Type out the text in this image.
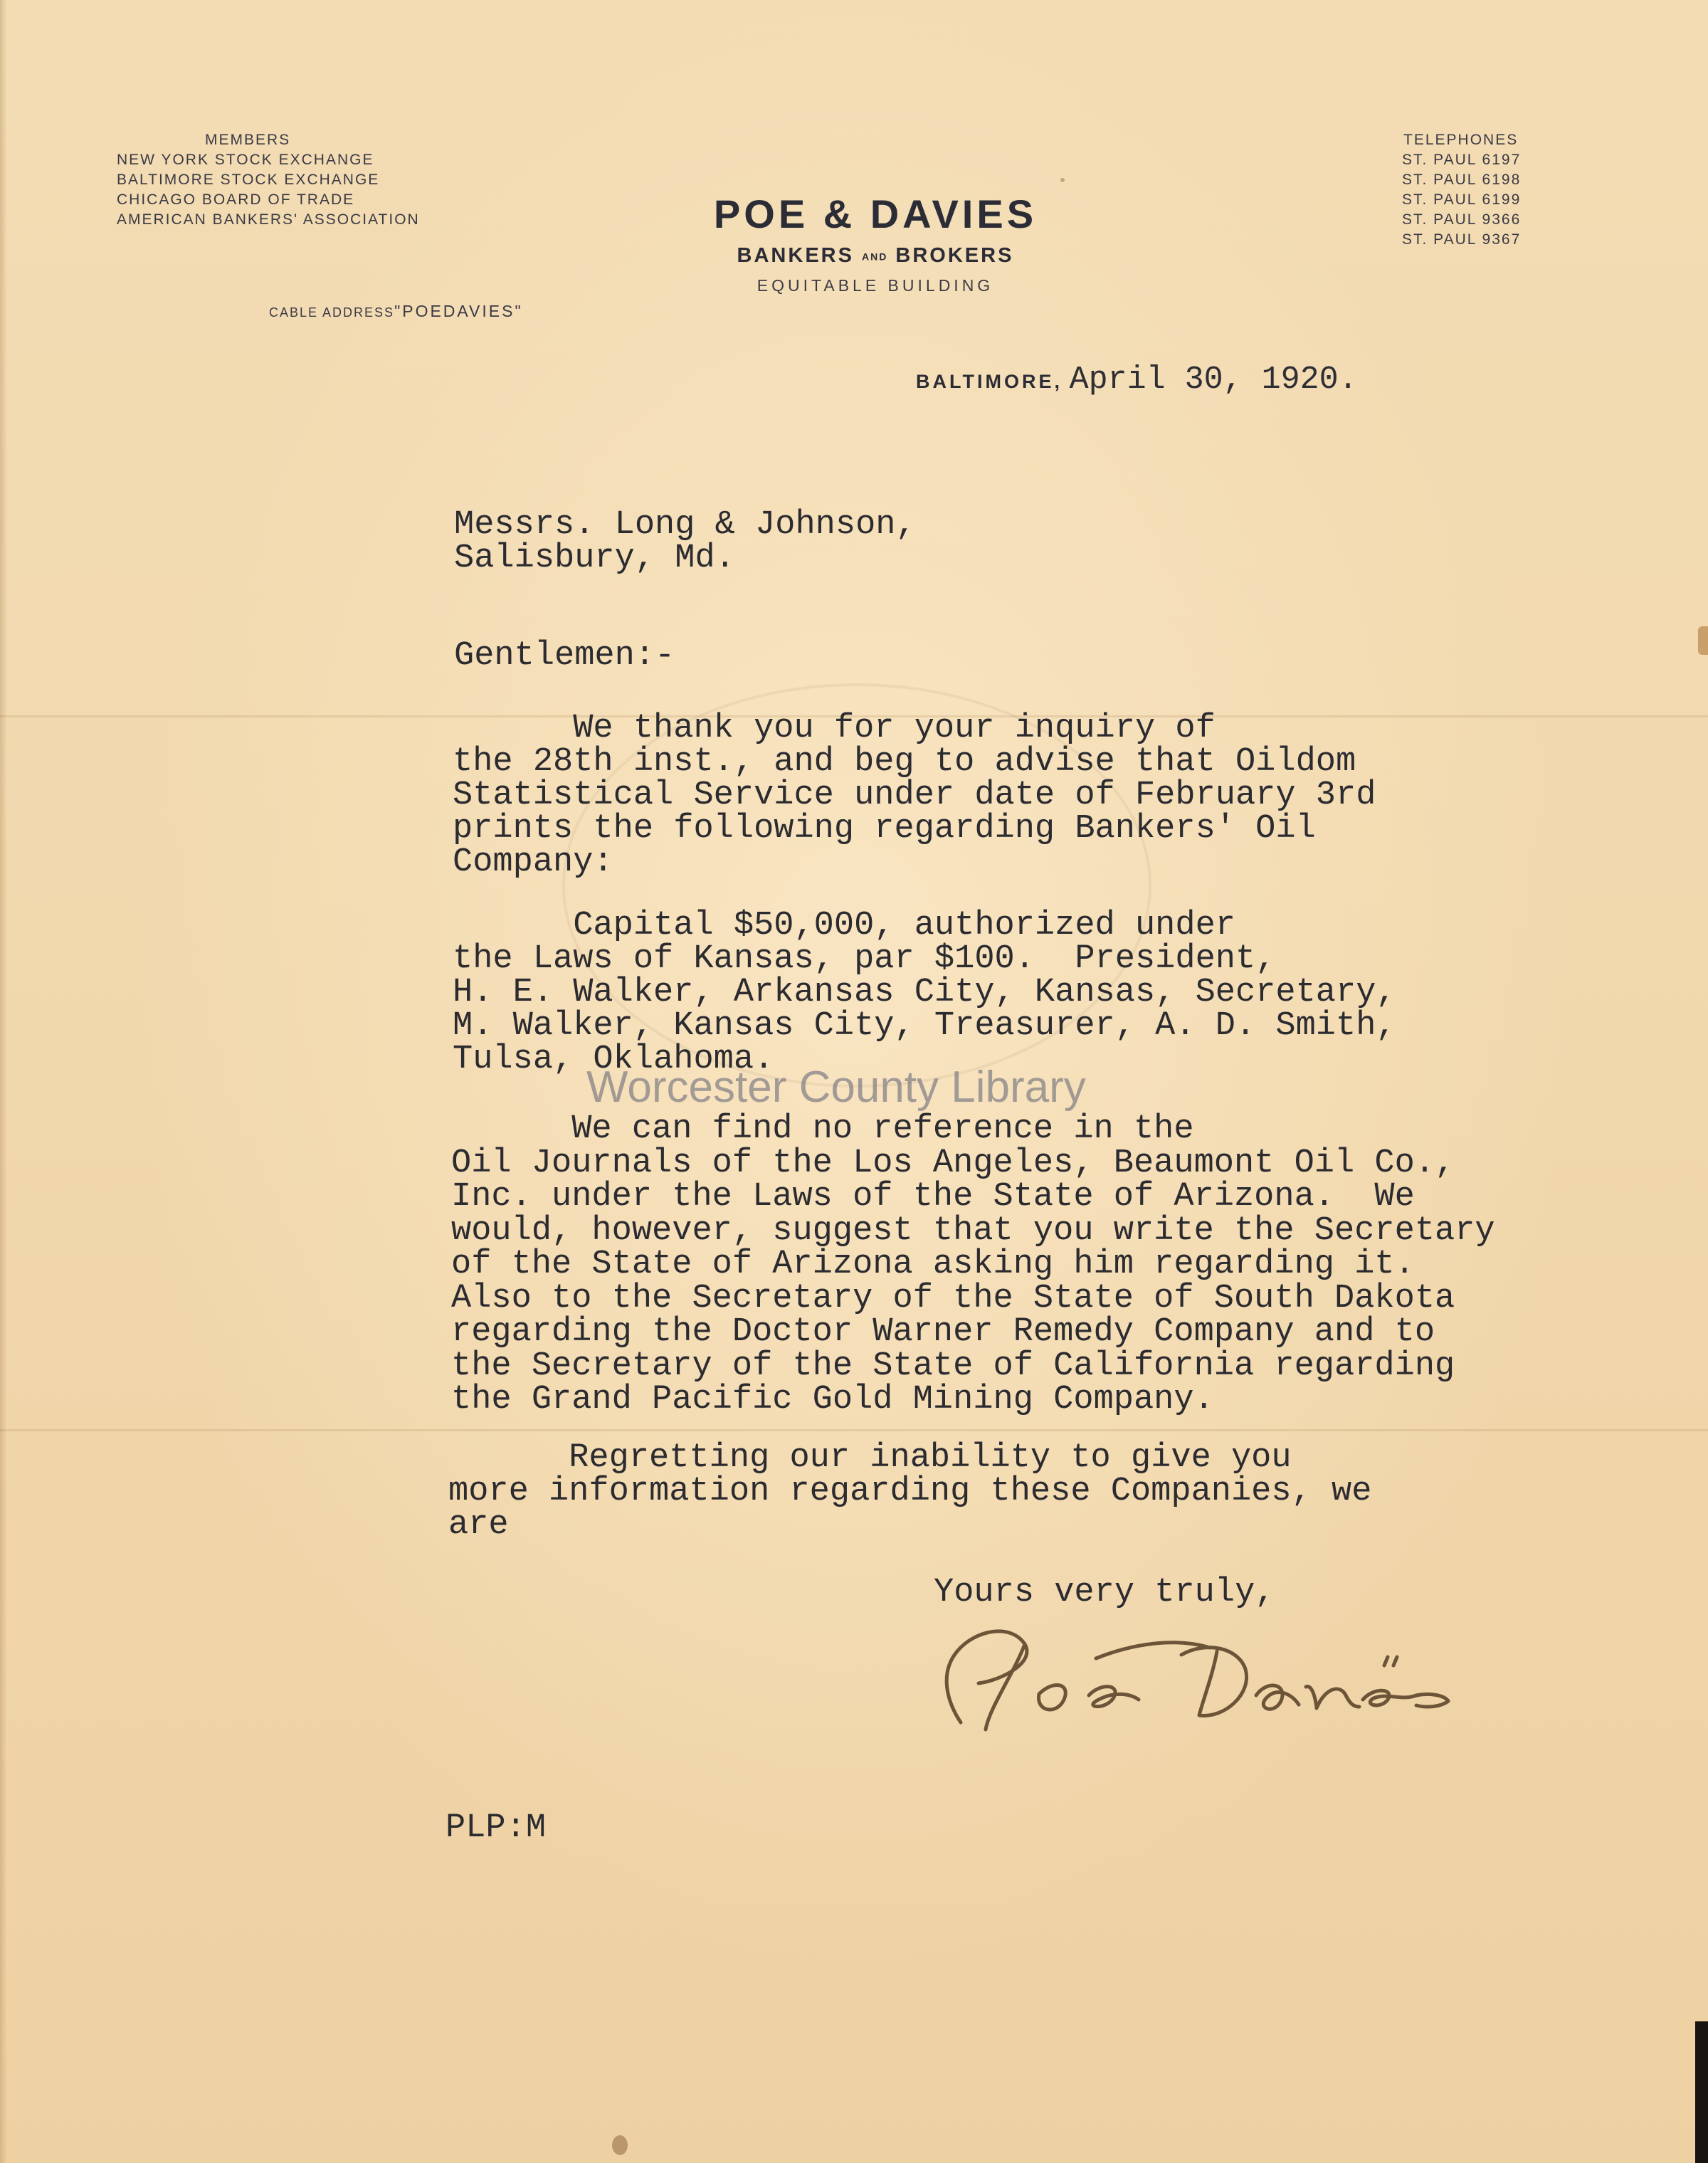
MEMBERS

NEW YORK STOCK EXCHANGE
BALTIMORE STOCK EXCHANGE
CHICAGO BOARD OF TRADE
AMERICAN BANKERS' ASSOCIATION
CABLE ADDRESS"POEDAVIES"
POE & DAVIES
BANKERS AND BROKERS
EQUITABLE BUILDING

TELEPHONES

ST. PAUL 6197
ST. PAUL 6198
ST. PAUL 6199
ST. PAUL 9366
ST. PAUL 9367
BALTIMORE, April 30, 1920.
Messrs. Long & Johnson,
Salisbury, Md.
Gentlemen:-
We thank you for your inquiry of
the 28th inst., and beg to advise that Oildom
Statistical Service under date of February 3rd
prints the following regarding Bankers' Oil
Company:
Capital $50,000, authorized under
the Laws of Kansas, par $100.  President,
H. E. Walker, Arkansas City, Kansas, Secretary,
M. Walker, Kansas City, Treasurer, A. D. Smith,
Tulsa, Oklahoma.
We can find no reference in the
Oil Journals of the Los Angeles, Beaumont Oil Co.,
Inc. under the Laws of the State of Arizona.  We
would, however, suggest that you write the Secretary
of the State of Arizona asking him regarding it.
Also to the Secretary of the State of South Dakota
regarding the Doctor Warner Remedy Company and to
the Secretary of the State of California regarding
the Grand Pacific Gold Mining Company.
Regretting our inability to give you
more information regarding these Companies, we
are
Yours very truly,
PLP:M
Worcester County Library
